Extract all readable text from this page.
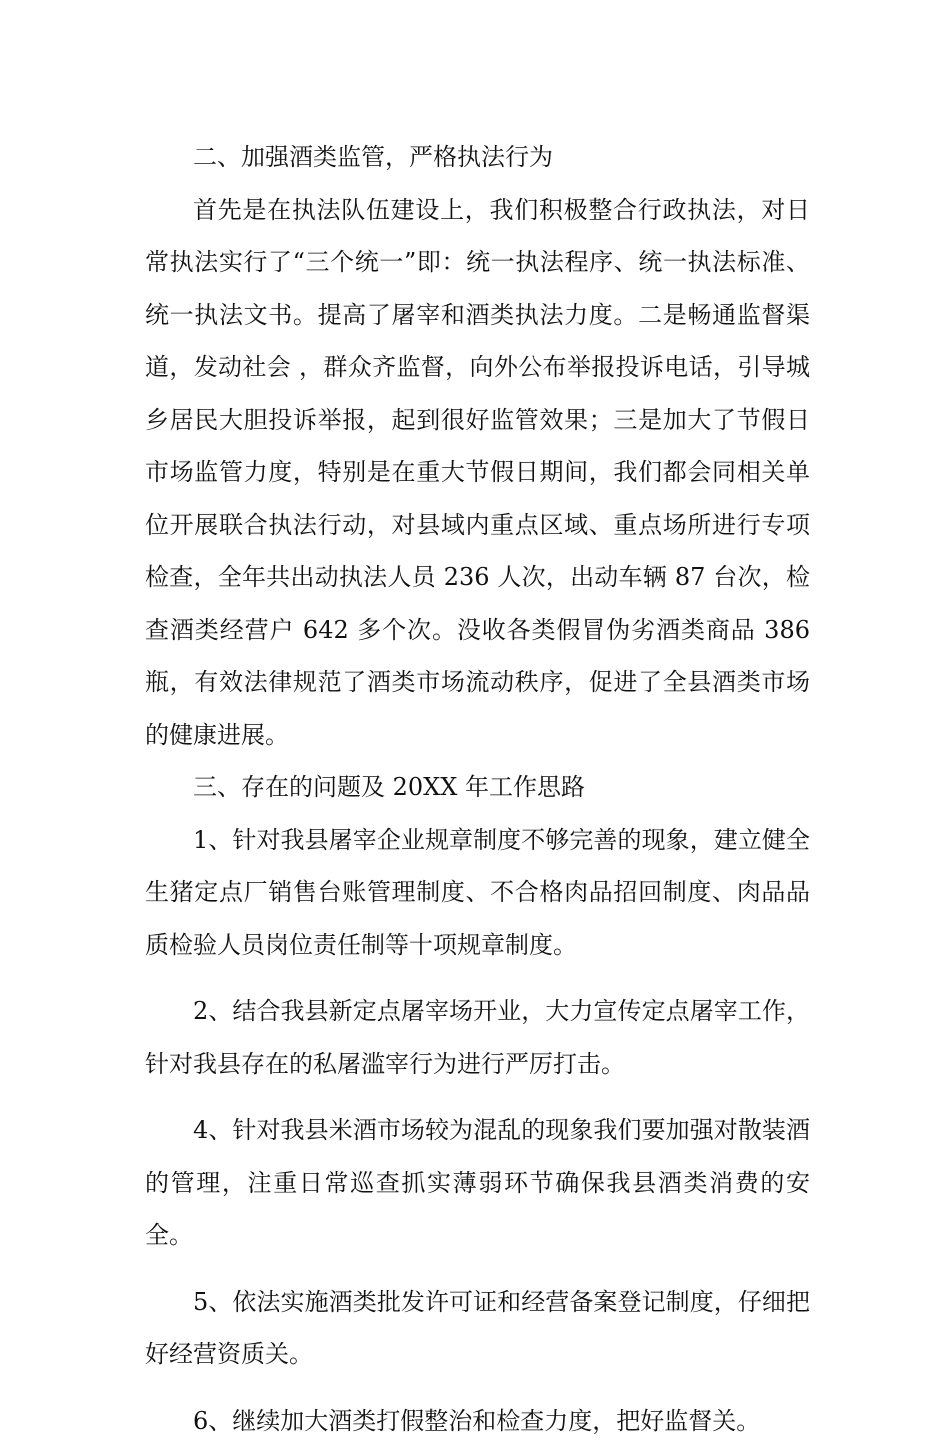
二、加强酒类监管，严格执法行为

首先是在执法队伍建设上，我们积极整合行政执法，对日常执法实行了“三个统一”即：统一执法程序、统一执法标准、统一执法文书。提高了屠宰和酒类执法力度。二是畅通监督渠道，发动社会 ，群众齐监督，向外公布举报投诉电话，引导城乡居民大胆投诉举报，起到很好监管效果；三是加大了节假日市场监管力度，特别是在重大节假日期间，我们都会同相关单位开展联合执法行动，对县域内重点区域、重点场所进行专项检查，全年共出动执法人员 236 人次，出动车辆 87 台次，检查酒类经营户 642 多个次。没收各类假冒伪劣酒类商品 386 瓶，有效法律规范了酒类市场流动秩序，促进了全县酒类市场的健康进展。

三、存在的问题及 20XX 年工作思路

1、针对我县屠宰企业规章制度不够完善的现象，建立健全生猪定点厂销售台账管理制度、不合格肉品招回制度、肉品品质检验人员岗位责任制等十项规章制度。

2、结合我县新定点屠宰场开业，大力宣传定点屠宰工作，针对我县存在的私屠滥宰行为进行严厉打击。

4、针对我县米酒市场较为混乱的现象我们要加强对散装酒的管理，注重日常巡查抓实薄弱环节确保我县酒类消费的安全。

5、依法实施酒类批发许可证和经营备案登记制度，仔细把好经营资质关。

6、继续加大酒类打假整治和检查力度，把好监督关。
